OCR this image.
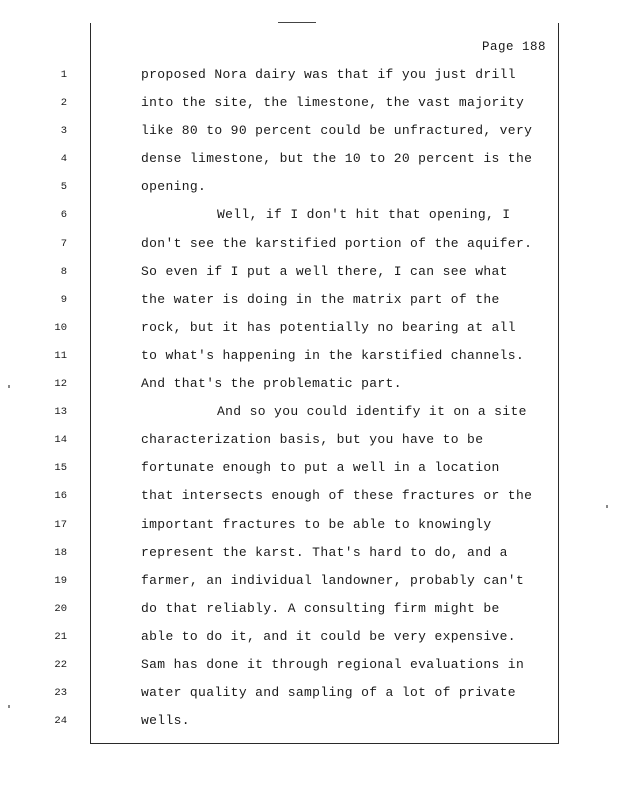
Page 188
1	proposed Nora dairy was that if you just drill
2	into the site, the limestone, the vast majority
3	like 80 to 90 percent could be unfractured, very
4	dense limestone, but the 10 to 20 percent is the
5	opening.
6	Well, if I don't hit that opening, I
7	don't see the karstified portion of the aquifer.
8	So even if I put a well there, I can see what
9	the water is doing in the matrix part of the
10	rock, but it has potentially no bearing at all
11	to what's happening in the karstified channels.
12	And that's the problematic part.
13	And so you could identify it on a site
14	characterization basis, but you have to be
15	fortunate enough to put a well in a location
16	that intersects enough of these fractures or the
17	important fractures to be able to knowingly
18	represent the karst. That's hard to do, and a
19	farmer, an individual landowner, probably can't
20	do that reliably. A consulting firm might be
21	able to do it, and it could be very expensive.
22	Sam has done it through regional evaluations in
23	water quality and sampling of a lot of private
24	wells.
